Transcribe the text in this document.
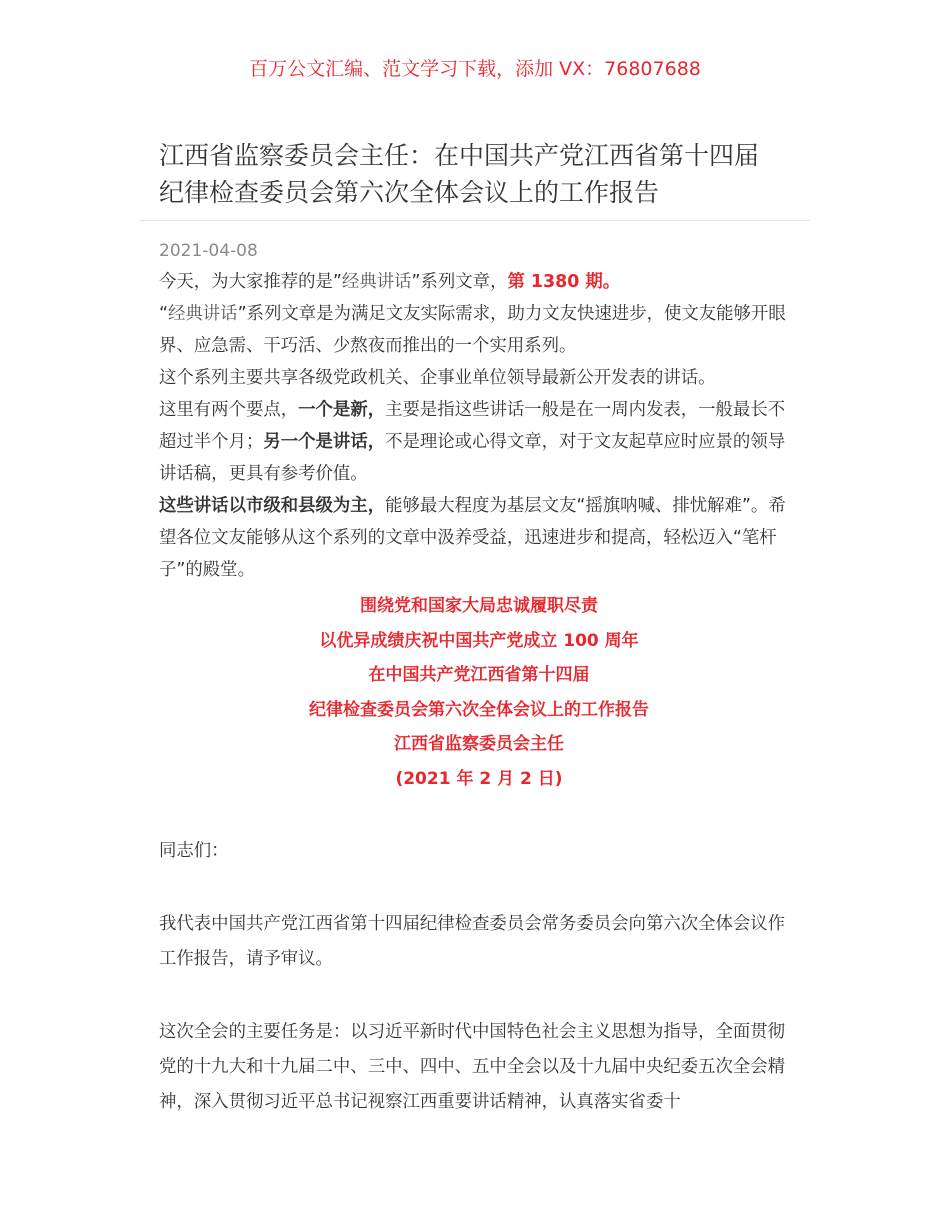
百万公文汇编、范文学习下载，添加 VX：76807688
江西省监察委员会主任：在中国共产党江西省第十四届
纪律检查委员会第六次全体会议上的工作报告
2021-04-08

今天，为大家推荐的是”经典讲话”系列文章，第 1380 期。

“经典讲话”系列文章是为满足文友实际需求，助力文友快速进步，使文友能够开眼界、应急需、干巧活、少熬夜而推出的一个实用系列。

这个系列主要共享各级党政机关、企事业单位领导最新公开发表的讲话。

这里有两个要点，一个是新，主要是指这些讲话一般是在一周内发表，一般最长不超过半个月；另一个是讲话，不是理论或心得文章，对于文友起草应时应景的领导讲话稿，更具有参考价值。

这些讲话以市级和县级为主，能够最大程度为基层文友“摇旗呐喊、排忧解难”。希望各位文友能够从这个系列的文章中汲养受益，迅速进步和提高，轻松迈入“笔杆子”的殿堂。

围绕党和国家大局忠诚履职尽责
以优异成绩庆祝中国共产党成立 100 周年
在中国共产党江西省第十四届
纪律检查委员会第六次全体会议上的工作报告
江西省监察委员会主任
(2021 年 2 月 2 日)

同志们：

我代表中国共产党江西省第十四届纪律检查委员会常务委员会向第六次全体会议作工作报告，请予审议。

这次全会的主要任务是：以习近平新时代中国特色社会主义思想为指导，全面贯彻党的十九大和十九届二中、三中、四中、五中全会以及十九届中央纪委五次全会精神，深入贯彻习近平总书记视察江西重要讲话精神，认真落实省委十
